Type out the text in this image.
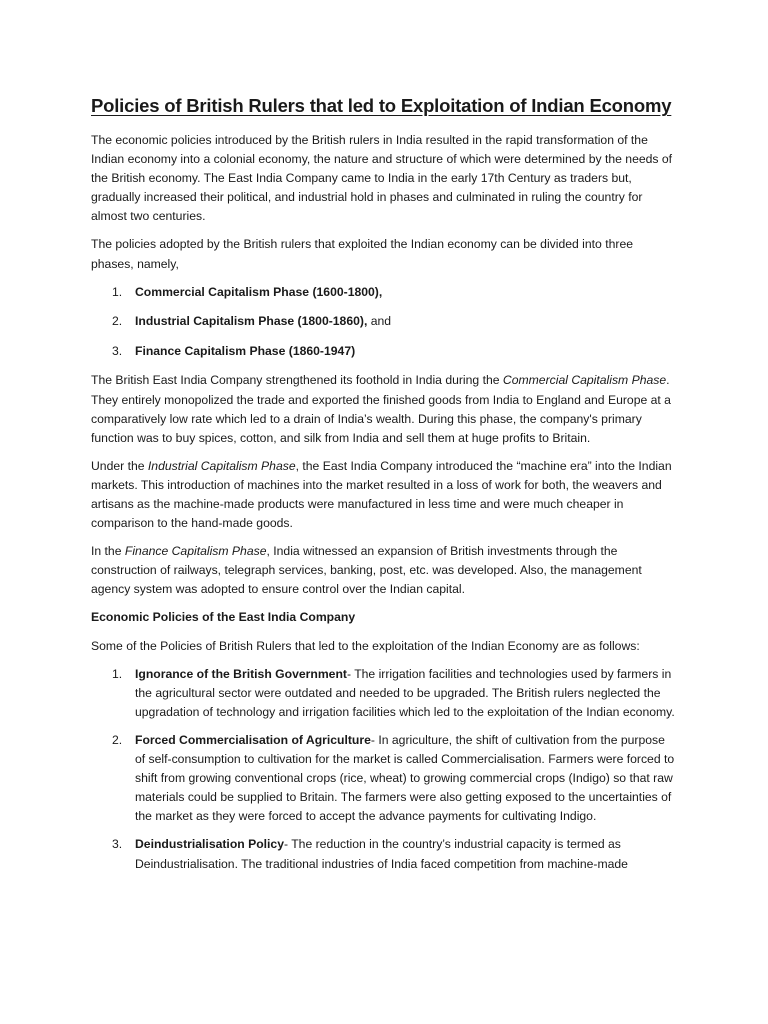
Policies of British Rulers that led to Exploitation of Indian Economy

The economic policies introduced by the British rulers in India resulted in the rapid transformation of the Indian economy into a colonial economy, the nature and structure of which were determined by the needs of the British economy. The East India Company came to India in the early 17th Century as traders but, gradually increased their political, and industrial hold in phases and culminated in ruling the country for almost two centuries.

The policies adopted by the British rulers that exploited the Indian economy can be divided into three phases, namely,

1. Commercial Capitalism Phase (1600-1800),
2. Industrial Capitalism Phase (1800-1860), and
3. Finance Capitalism Phase (1860-1947)

The British East India Company strengthened its foothold in India during the Commercial Capitalism Phase. They entirely monopolized the trade and exported the finished goods from India to England and Europe at a comparatively low rate which led to a drain of India’s wealth. During this phase, the company's primary function was to buy spices, cotton, and silk from India and sell them at huge profits to Britain.

Under the Industrial Capitalism Phase, the East India Company introduced the “machine era” into the Indian markets. This introduction of machines into the market resulted in a loss of work for both, the weavers and artisans as the machine-made products were manufactured in less time and were much cheaper in comparison to the hand-made goods.

In the Finance Capitalism Phase, India witnessed an expansion of British investments through the construction of railways, telegraph services, banking, post, etc. was developed. Also, the management agency system was adopted to ensure control over the Indian capital.

Economic Policies of the East India Company

Some of the Policies of British Rulers that led to the exploitation of the Indian Economy are as follows:

1. Ignorance of the British Government- The irrigation facilities and technologies used by farmers in the agricultural sector were outdated and needed to be upgraded. The British rulers neglected the upgradation of technology and irrigation facilities which led to the exploitation of the Indian economy.
2. Forced Commercialisation of Agriculture- In agriculture, the shift of cultivation from the purpose of self-consumption to cultivation for the market is called Commercialisation. Farmers were forced to shift from growing conventional crops (rice, wheat) to growing commercial crops (Indigo) so that raw materials could be supplied to Britain. The farmers were also getting exposed to the uncertainties of the market as they were forced to accept the advance payments for cultivating Indigo.
3. Deindustrialisation Policy- The reduction in the country’s industrial capacity is termed as Deindustrialisation. The traditional industries of India faced competition from machine-made
